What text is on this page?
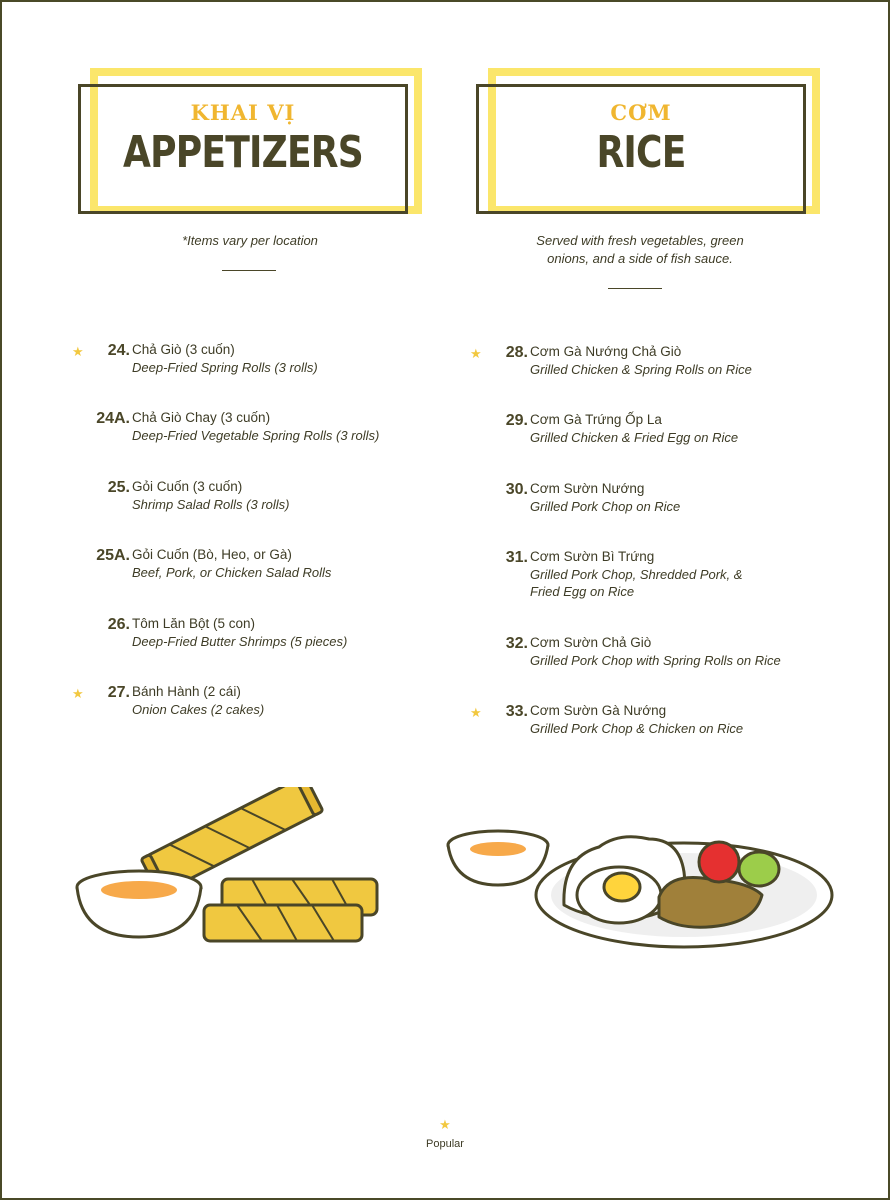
KHAI VỊ
APPETIZERS
*Items vary per location
★ 24. Chả Giò (3 cuốn)
Deep-Fried Spring Rolls (3 rolls)
24A. Chả Giò Chay (3 cuốn)
Deep-Fried Vegetable Spring Rolls (3 rolls)
25. Gỏi Cuốn (3 cuốn)
Shrimp Salad Rolls (3 rolls)
25A. Gỏi Cuốn (Bò, Heo, or Gà)
Beef, Pork, or Chicken Salad Rolls
26. Tôm Lăn Bột (5 con)
Deep-Fried Butter Shrimps (5 pieces)
★ 27. Bánh Hành (2 cái)
Onion Cakes (2 cakes)
CƠM
RICE
Served with fresh vegetables, green onions, and a side of fish sauce.
★ 28. Cơm Gà Nướng Chả Giò
Grilled Chicken & Spring Rolls on Rice
29. Cơm Gà Trứng Ốp La
Grilled Chicken & Fried Egg on Rice
30. Cơm Sườn Nướng
Grilled Pork Chop on Rice
31. Cơm Sườn Bì Trứng
Grilled Pork Chop, Shredded Pork, & Fried Egg on Rice
32. Cơm Sườn Chả Giò
Grilled Pork Chop with Spring Rolls on Rice
★ 33. Cơm Sườn Gà Nướng
Grilled Pork Chop & Chicken on Rice
★
Popular
